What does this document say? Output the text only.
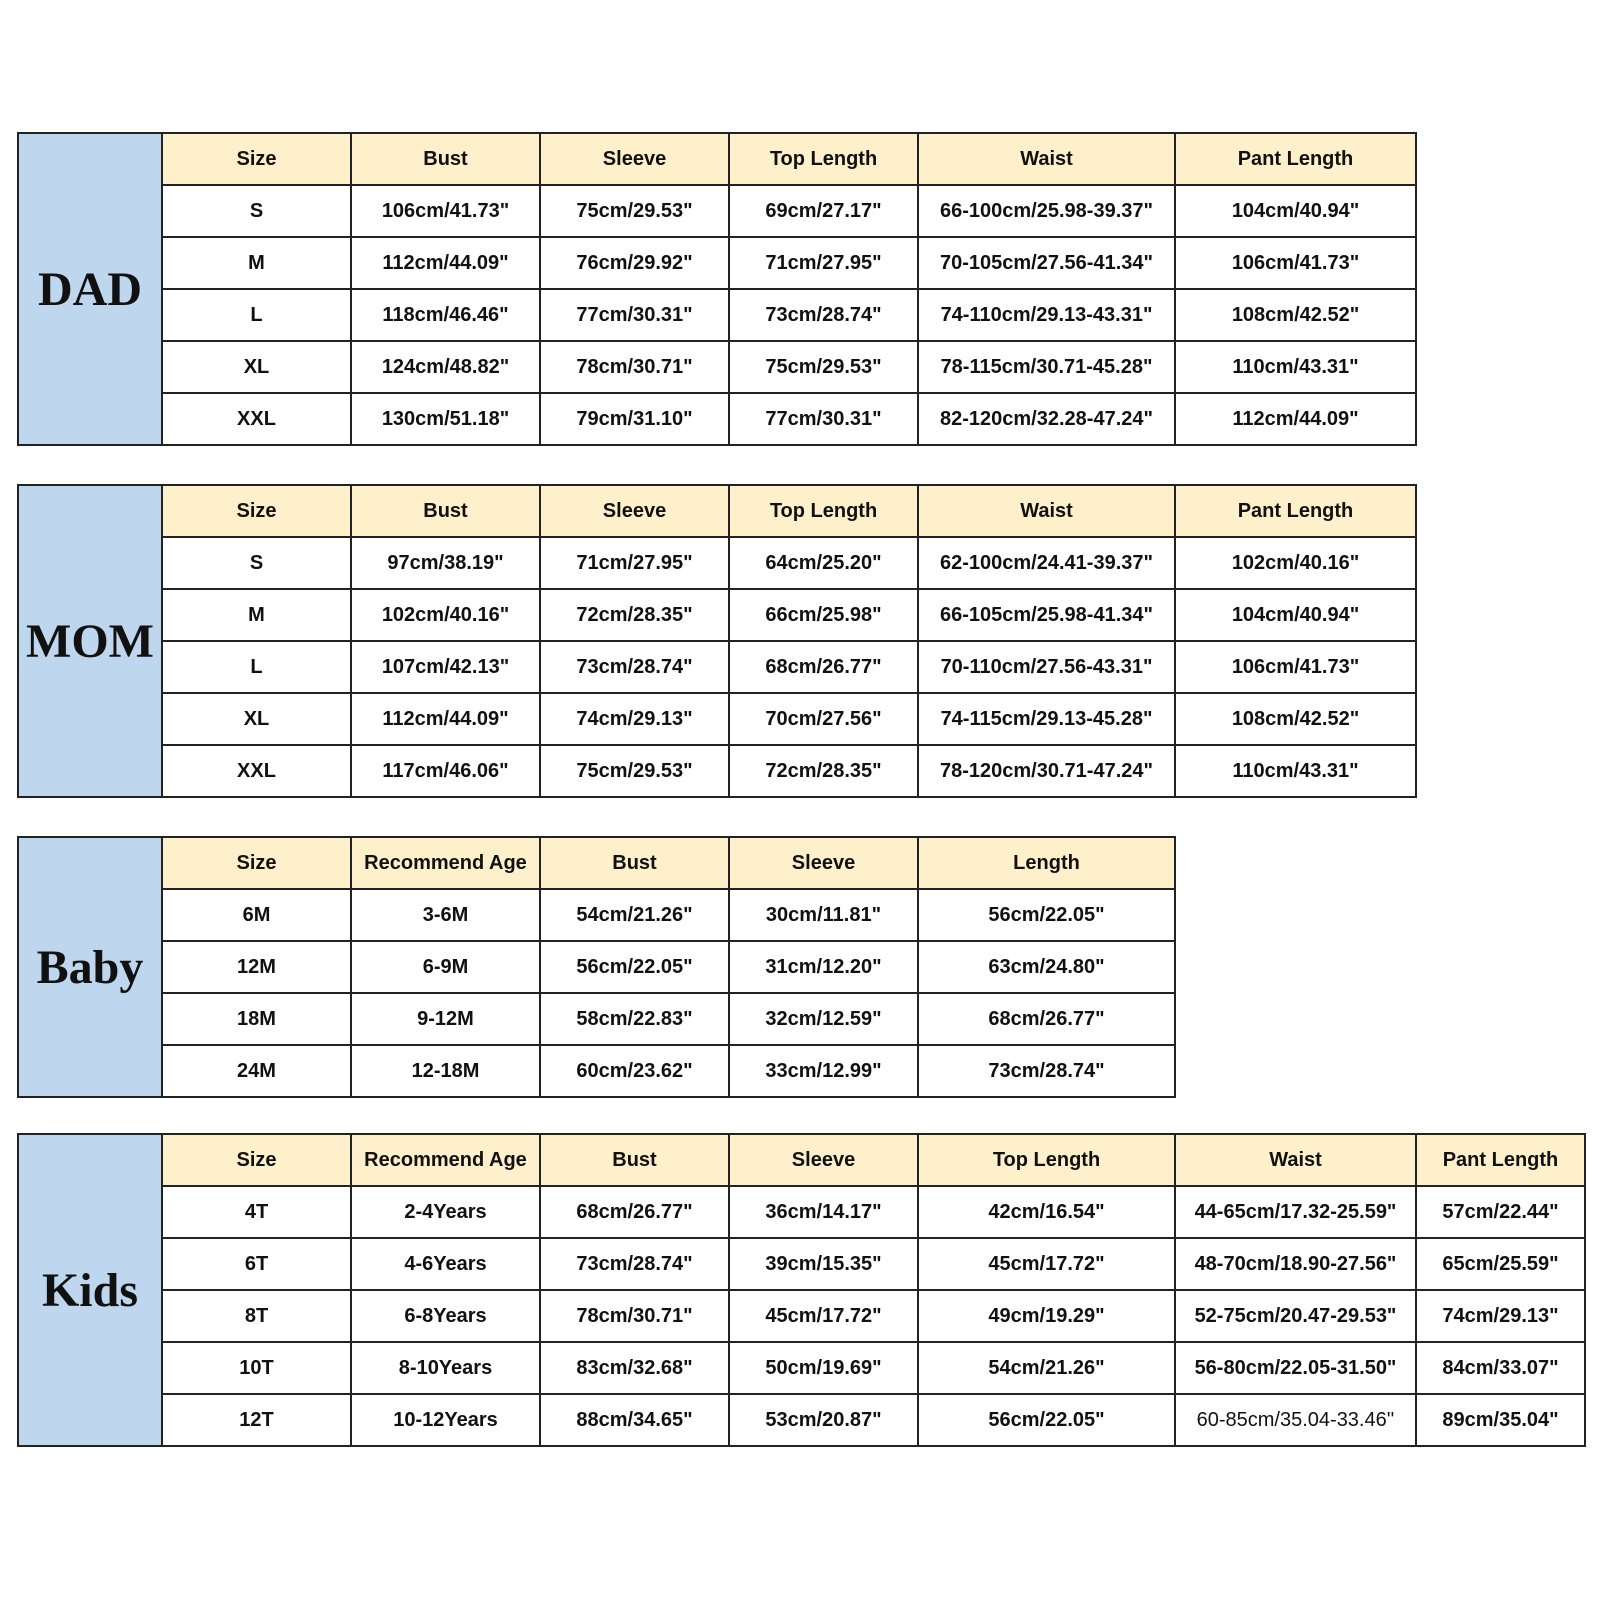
DAD
Size	Bust	Sleeve	Top Length	Waist	Pant Length
S	106cm/41.73"	75cm/29.53"	69cm/27.17"	66-100cm/25.98-39.37"	104cm/40.94"
M	112cm/44.09"	76cm/29.92"	71cm/27.95"	70-105cm/27.56-41.34"	106cm/41.73"
L	118cm/46.46"	77cm/30.31"	73cm/28.74"	74-110cm/29.13-43.31"	108cm/42.52"
XL	124cm/48.82"	78cm/30.71"	75cm/29.53"	78-115cm/30.71-45.28"	110cm/43.31"
XXL	130cm/51.18"	79cm/31.10"	77cm/30.31"	82-120cm/32.28-47.24"	112cm/44.09"
MOM
Size	Bust	Sleeve	Top Length	Waist	Pant Length
S	97cm/38.19"	71cm/27.95"	64cm/25.20"	62-100cm/24.41-39.37"	102cm/40.16"
M	102cm/40.16"	72cm/28.35"	66cm/25.98"	66-105cm/25.98-41.34"	104cm/40.94"
L	107cm/42.13"	73cm/28.74"	68cm/26.77"	70-110cm/27.56-43.31"	106cm/41.73"
XL	112cm/44.09"	74cm/29.13"	70cm/27.56"	74-115cm/29.13-45.28"	108cm/42.52"
XXL	117cm/46.06"	75cm/29.53"	72cm/28.35"	78-120cm/30.71-47.24"	110cm/43.31"
Baby
Size	Recommend Age	Bust	Sleeve	Length
6M	3-6M	54cm/21.26"	30cm/11.81"	56cm/22.05"
12M	6-9M	56cm/22.05"	31cm/12.20"	63cm/24.80"
18M	9-12M	58cm/22.83"	32cm/12.59"	68cm/26.77"
24M	12-18M	60cm/23.62"	33cm/12.99"	73cm/28.74"
Kids
Size	Recommend Age	Bust	Sleeve	Top Length	Waist	Pant Length
4T	2-4Years	68cm/26.77"	36cm/14.17"	42cm/16.54"	44-65cm/17.32-25.59"	57cm/22.44"
6T	4-6Years	73cm/28.74"	39cm/15.35"	45cm/17.72"	48-70cm/18.90-27.56"	65cm/25.59"
8T	6-8Years	78cm/30.71"	45cm/17.72"	49cm/19.29"	52-75cm/20.47-29.53"	74cm/29.13"
10T	8-10Years	83cm/32.68"	50cm/19.69"	54cm/21.26"	56-80cm/22.05-31.50"	84cm/33.07"
12T	10-12Years	88cm/34.65"	53cm/20.87"	56cm/22.05"	60-85cm/35.04-33.46''	89cm/35.04"
